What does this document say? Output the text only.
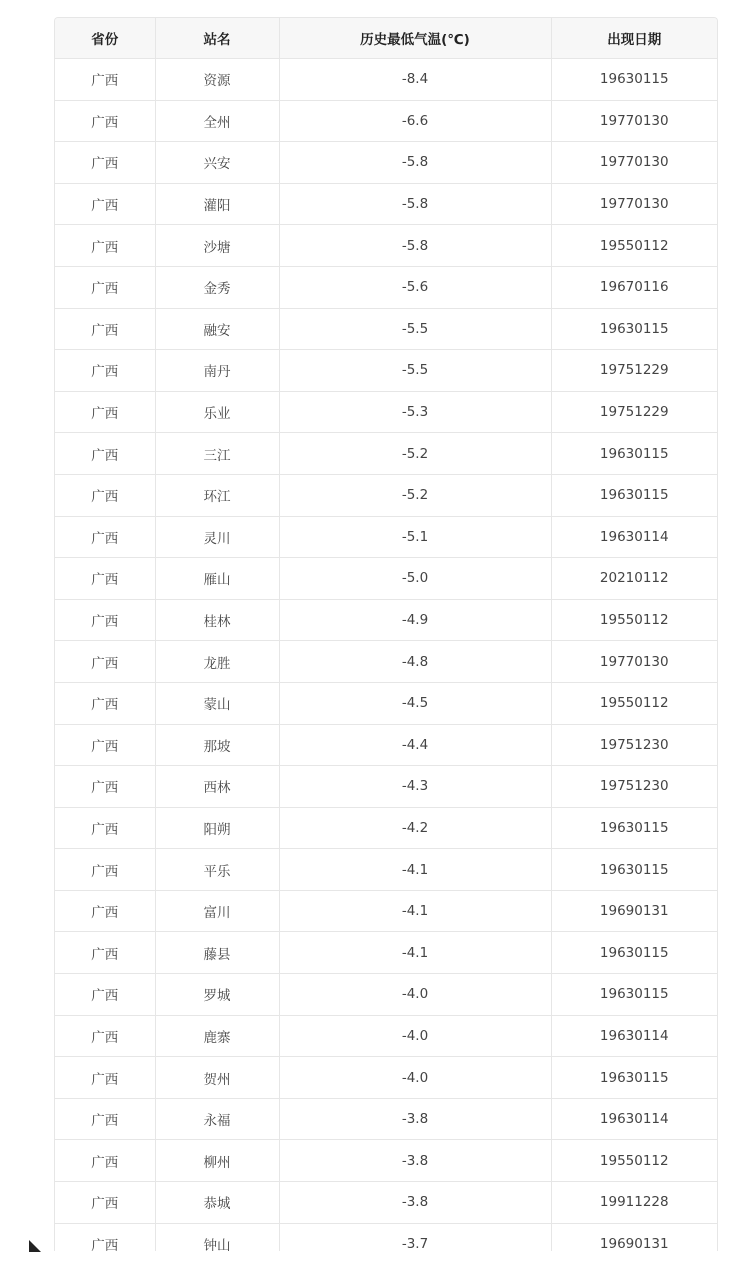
省份	站名	历史最低气温(℃)	出现日期
广西	资源	-8.4	19630115
广西	全州	-6.6	19770130
广西	兴安	-5.8	19770130
广西	灌阳	-5.8	19770130
广西	沙塘	-5.8	19550112
广西	金秀	-5.6	19670116
广西	融安	-5.5	19630115
广西	南丹	-5.5	19751229
广西	乐业	-5.3	19751229
广西	三江	-5.2	19630115
广西	环江	-5.2	19630115
广西	灵川	-5.1	19630114
广西	雁山	-5.0	20210112
广西	桂林	-4.9	19550112
广西	龙胜	-4.8	19770130
广西	蒙山	-4.5	19550112
广西	那坡	-4.4	19751230
广西	西林	-4.3	19751230
广西	阳朔	-4.2	19630115
广西	平乐	-4.1	19630115
广西	富川	-4.1	19690131
广西	藤县	-4.1	19630115
广西	罗城	-4.0	19630115
广西	鹿寨	-4.0	19630114
广西	贺州	-4.0	19630115
广西	永福	-3.8	19630114
广西	柳州	-3.8	19550112
广西	恭城	-3.8	19911228
广西	钟山	-3.7	19690131
